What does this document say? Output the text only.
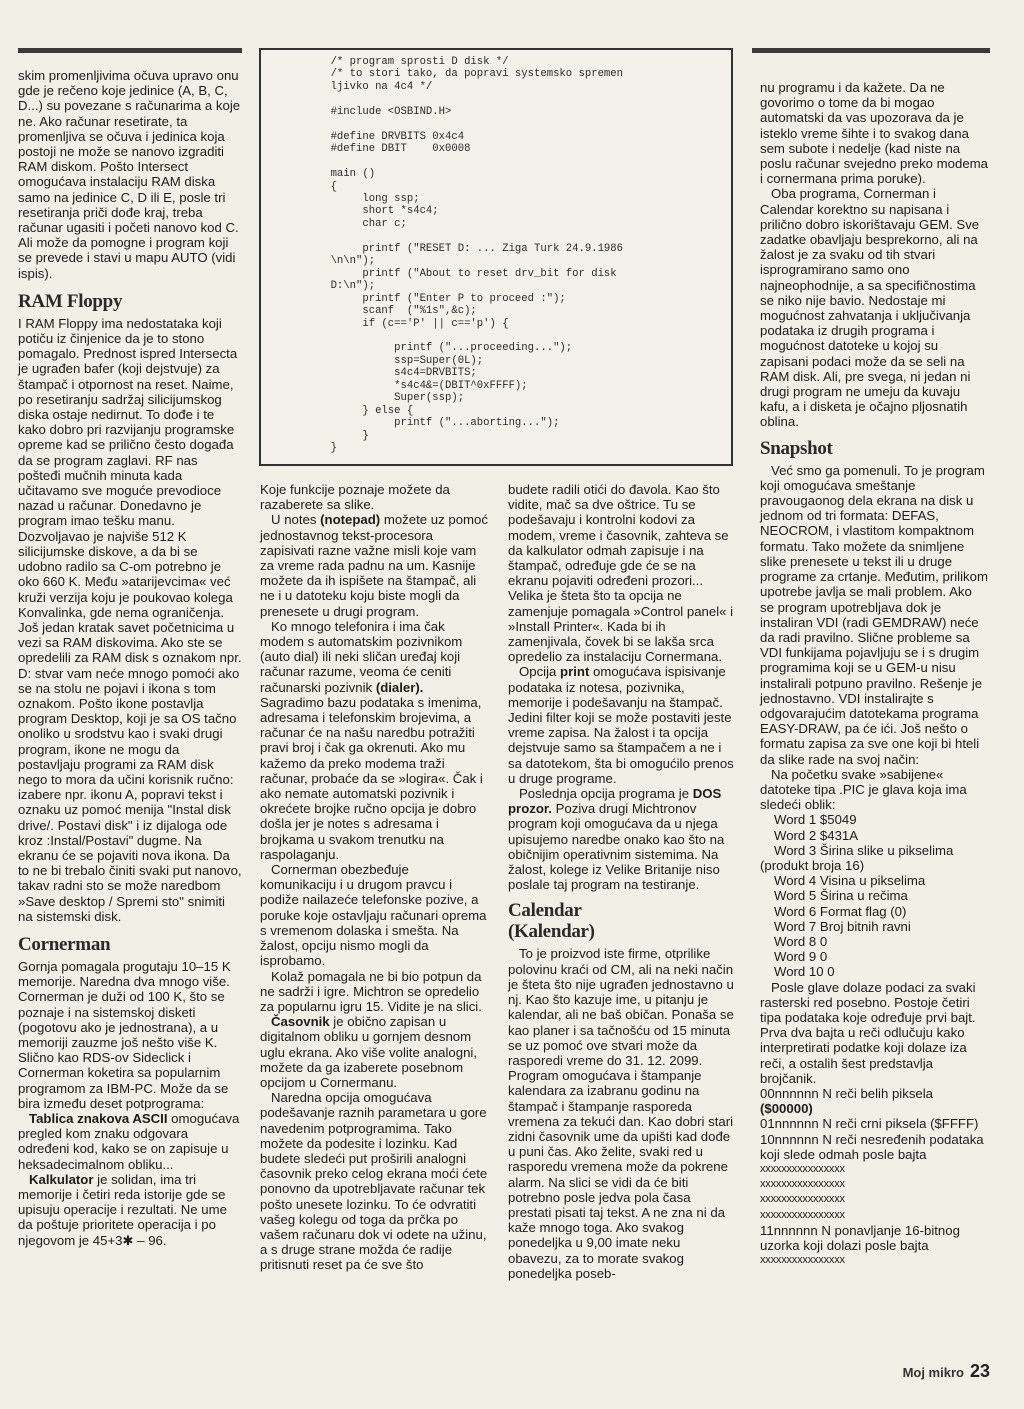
skim promenljivima očuva upravo onu gde je rečeno koje jedinice (A, B, C, D...) su povezane s računarima a koje ne. Ako računar resetirate, ta promenljiva se očuva i jedinica koja postoji ne može se nanovo izgraditi RAM diskom. Pošto Intersect omogućava instalaciju RAM diska samo na jedinice C, D ili E, posle tri resetiranja priči dođe kraj, treba računar ugasiti i početi nanovo kod C. Ali može da pomogne i program koji se prevede i stavi u mapu AUTO (vidi ispis).

RAM Floppy

I RAM Floppy ima nedostataka koji potiču iz činjenice da je to stono pomagalo. Prednost ispred Intersecta je ugrađen bafer (koji dejstvuje) za štampač i otpornost na reset. Naime, po resetiranju sadržaj silicijumskog diska ostaje nedirnut. To dođe i te kako dobro pri razvijanju programske opreme kad se prilično često događa da se program zaglavi. RF nas pošteđi mučnih minuta kada učitavamo sve moguće prevodioce nazad u računar. Donedavno je program imao tešku manu. Dozvoljavao je najviše 512 K silicijumske diskove, a da bi se udobno radilo sa C-om potrebno je oko 660 K. Među »atarijevcima« već kruži verzija koju je poukovao kolega Konvalinka, gde nema ograničenja. Još jedan kratak savet početnicima u vezi sa RAM diskovima. Ako ste se opredelili za RAM disk s oznakom npr. D: stvar vam neće mnogo pomoći ako se na stolu ne pojavi i ikona s tom oznakom. Pošto ikone postavlja program Desktop, koji je sa OS tačno onoliko u srodstvu kao i svaki drugi program, ikone ne mogu da postavljaju programi za RAM disk nego to mora da učini korisnik ručno: izabere npr. ikonu A, popravi tekst i oznaku uz pomoć menija "Instal disk drive/. Postavi disk" i iz dijaloga ode kroz :Instal/Postavi" dugme. Na ekranu će se pojaviti nova ikona. Da to ne bi trebalo činiti svaki put nanovo, takav radni sto se može naredbom »Save desktop / Spremi sto" snimiti na sistemski disk.

Cornerman

Gornja pomagala progutaju 10–15 K memorije. Naredna dva mnogo više. Cornerman je duži od 100 K, što se poznaje i na sistemskoj disketi (pogotovu ako je jednostrana), a u memoriji zauzme još nešto više K. Slično kao RDS-ov Sideclick i Cornerman koketira sa popularnim programom za IBM-PC. Može da se bira između deset potprograma:

Tablica znakova ASCII omogućava pregled kom znaku odgovara određeni kod, kako se on zapisuje u heksadecimalnom obliku...

Kalkulator je solidan, ima tri memorije i četiri reda istorije gde se upisuju operacije i rezultati. Ne ume da poštuje prioritete operacija i po njegovom je 45+3✱ – 96.

/* program sprosti D disk */
/* to stori tako, da popravi systemsko spremen
ljivko na 4c4 */

#include <OSBIND.H>

#define DRVBITS 0x4c4
#define DBIT    0x0008

main ()
{
long ssp;
short *s4c4;
char c;

printf ("RESET D: ... Ziga Turk 24.9.1986
\n\n");
printf ("About to reset drv_bit for disk
D:\n");
printf ("Enter P to proceed :");
scanf  ("%1s",&c);
if (c=='P' || c=='p') {

printf ("...proceeding...");
ssp=Super(0L);
s4c4=DRVBITS;
*s4c4&=(DBIT^0xFFFF);
Super(ssp);
} else {
printf ("...aborting...");
}
}

Koje funkcije poznaje možete da razaberete sa slike.

U notes (notepad) možete uz pomoć jednostavnog tekst-procesora zapisivati razne važne misli koje vam za vreme rada padnu na um. Kasnije možete da ih ispišete na štampač, ali ne i u datoteku koju biste mogli da prenesete u drugi program.

Ko mnogo telefonira i ima čak modem s automatskim pozivnikom (auto dial) ili neki sličan uređaj koji računar razume, veoma će ceniti računarski pozivnik (dialer). Sagradimo bazu podataka s imenima, adresama i telefonskim brojevima, a računar će na našu naredbu potražiti pravi broj i čak ga okrenuti. Ako mu kažemo da preko modema traži računar, probaće da se »logira«. Čak i ako nemate automatski pozivnik i okrećete brojke ručno opcija je dobro došla jer je notes s adresama i brojkama u svakom trenutku na raspolaganju.

Cornerman obezbeđuje komunikaciju i u drugom pravcu i podiže nailazeće telefonske pozive, a poruke koje ostavljaju računari opremа s vremenom dolaska i smešta. Na žalost, opciju nismo mogli da isprobamo.

Kolaž pomagala ne bi bio potpun da ne sadrži i igre. Michtron se opredelio za popularnu igru 15. Vidite je na slici.

Časovnik je obično zapisan u digitalnom obliku u gornjem desnom uglu ekrana. Ako više volite analogni, možete da ga izaberete posebnom opcijom u Cornermanu.

Naredna opcija omogućava podešavanje raznih parametara u gore navedenim potprogramima. Tako možete da podesite i lozinku. Kad budete sledeći put proširili analogni časovnik preko celog ekrana moći ćete ponovno da upotrebljavate računar tek pošto unesete lozinku. To će odvratiti vašeg kolegu od toga da prčka po vašem računaru dok vi odete na užinu, a s druge strane možda će radije pritisnuti reset pa će sve što

budete radili otići do đavola. Kao što vidite, mač sa dve oštrice. Tu se podešavaju i kontrolni kodovi za modem, vreme i časovnik, zahteva se da kalkulator odmah zapisuje i na štampač, određuje gde će se na ekranu pojaviti određeni prozori... Velika je šteta što ta opcija ne zamenjuje pomagala »Control panel« i »Install Printer«. Kada bi ih zamenjivala, čovek bi se lakša srca opredelio za instalaciju Cornermana.

Opcija print omogućava ispisivanje podataka iz notesa, pozivnika, memorije i podešavanju na štampač. Jedini filter koji se može postaviti jeste vreme zapisa. Na žalost i ta opcija dejstvuje samo sa štampačem a ne i sa datotekom, šta bi omogućilo prenos u druge programe.

Poslednja opcija programa je DOS prozor. Poziva drugi Michtronov program koji omogućava da u njega upisujemo naredbe onako kao što na običnijim operativnim sistemima. Na žalost, kolege iz Velike Britanije niso poslale taj program na testiranje.

Calendar (Kalendar)

To je proizvod iste firme, otprilike polovinu kraći od CM, ali na neki način je šteta što nije ugrađen jednostavno u nj. Kao što kazuje ime, u pitanju je kalendar, ali ne baš običan. Ponaša se kao planer i sa tačnošću od 15 minuta se uz pomoć ove stvari može da rasporedi vreme do 31. 12. 2099. Program omogućava i štampanje kalendara za izabranu godinu na štampač i štampanje rasporeda vremena za tekući dan. Kao dobri stari zidni časovnik ume da upišti kad dođe u puni čas. Ako želite, svaki red u rasporedu vremena može da pokrene alarm. Na slici se vidi da će biti potrebno posle jedva pola časa prestati pisati taj tekst. A ne zna ni da kaže mnogo toga. Ako svakog ponedeljka u 9,00 imate neku obavezu, za to morate svakog ponedeljka poseb-

nu programu i da kažete. Da ne govorimo o tome da bi mogao automatski da vas upozorava da je isteklo vreme šihte i to svakog dana sem subote i nedelje (kad niste na poslu računar svejedno preko modema i cornermana prima poruke).

Oba programa, Cornerman i Calendar korektno su napisana i prilično dobro iskorištavaju GEM. Sve zadatke obavljaju besprekorno, ali na žalost je za svaku od tih stvari isprogramirano samo ono najneophodnije, a sa specifičnostima se niko nije bavio. Nedostaje mi mogućnost zahvatanja i uključivanja podataka iz drugih programa i mogućnost datoteke u kojoj su zapisani podaci može da se seli na RAM disk. Ali, pre svega, ni jedan ni drugi program ne umeju da kuvaju kafu, a i disketa je očajno pljosnatih oblina.

Snapshot

Već smo ga pomenuli. To je program koji omogućava smeštanje pravougaonog dela ekrana na disk u jednom od tri formata: DEFAS, NEOCROM, i vlastitom kompaktnom formatu. Tako možete da snimljene slike prenesete u tekst ili u druge programe za crtanje. Međutim, prilikom upotrebe javlja se mali problem. Ako se program upotrebljava dok je instaliran VDI (radi GEMDRAW) neće da radi pravilno. Slične probleme sa VDI funkijama pojavljuju se i s drugim programima koji se u GEM-u nisu instalirali potpuno pravilno. Rešenje je jednostavno. VDI instalirajte s odgovarajućim datotekama programa EASY-DRAW, pa će ići. Još nešto o formatu zapisa za sve one koji bi hteli da slike rade na svoj način:

Na početku svake »sabijene« datoteke tipa .PIC je glava koja ima sledeći oblik:

Word 1 $5049

Word 2 $431A

Word 3 Širina slike u pikselima (produkt broja 16)

Word 4 Visina u pikselima

Word 5 Širina u rečima

Word 6 Format flag (0)

Word 7 Broj bitnih ravni

Word 8 0

Word 9 0

Word 10 0

Posle glave dolaze podaci za svaki rasterski red posebno. Postoje četiri tipa podataka koje određuje prvi bajt. Prva dva bajta u reči odlučuju kako interpretirati podatke koji dolaze iza reči, a ostalih šest predstavlja brojčanik.

00nnnnnn N reči belih piksela ($00000)

01nnnnnn N reči crni piksela ($FFFF)

10nnnnnn N reči nesređenih podataka koji slede odmah posle bajta

xxxxxxxxxxxxxxxx

xxxxxxxxxxxxxxxx

xxxxxxxxxxxxxxxx

xxxxxxxxxxxxxxxx

11nnnnnn N ponavljanje 16-bitnog uzorka koji dolazi posle bajta

xxxxxxxxxxxxxxxx

Moj mikro 23
